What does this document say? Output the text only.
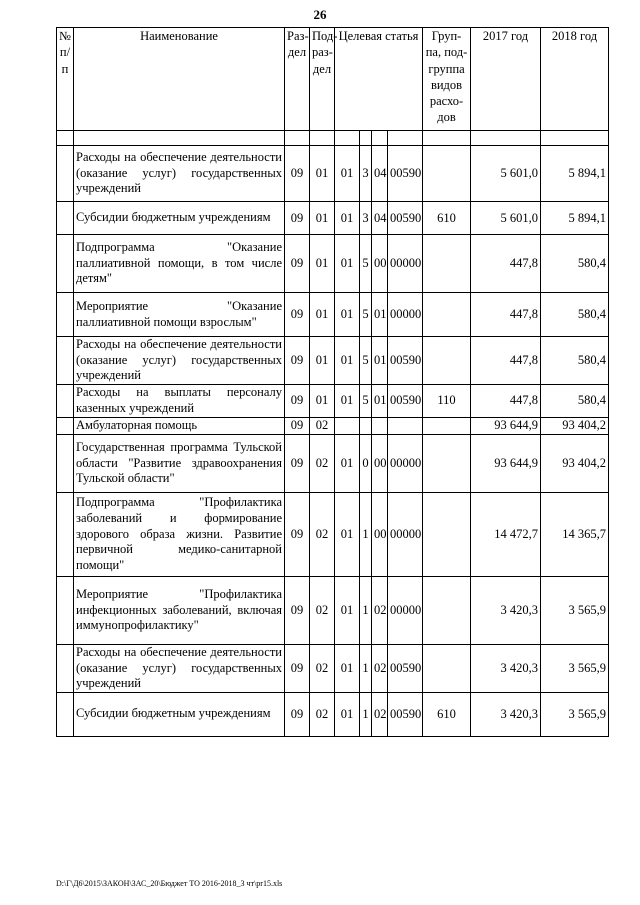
26
№ п/п	Наименование	Раз-дел	Под-раз-дел	Целевая статья				Груп-па, под-группа видов расхо-дов	2017 год	2018 год

	Расходы на обеспечение деятельности (оказание услуг) государственных учреждений	09	01	01	3	04	00590		5 601,0	5 894,1
	Субсидии бюджетным учреждениям	09	01	01	3	04	00590	610	5 601,0	5 894,1
	Подпрограмма "Оказание паллиативной помощи, в том числе детям"	09	01	01	5	00	00000		447,8	580,4
	Мероприятие "Оказание паллиативной помощи взрослым"	09	01	01	5	01	00000		447,8	580,4
	Расходы на обеспечение деятельности (оказание услуг) государственных учреждений	09	01	01	5	01	00590		447,8	580,4
	Расходы на выплаты персоналу казенных учреждений	09	01	01	5	01	00590	110	447,8	580,4
	Амбулаторная помощь	09	02						93 644,9	93 404,2
	Государственная программа Тульской области "Развитие здравоохранения Тульской области"	09	02	01	0	00	00000		93 644,9	93 404,2
	Подпрограмма "Профилактика заболеваний и формирование здорового образа жизни. Развитие первичной медико-санитарной помощи"	09	02	01	1	00	00000		14 472,7	14 365,7
	Мероприятие "Профилактика инфекционных заболеваний, включая иммунопрофилактику"	09	02	01	1	02	00000		3 420,3	3 565,9
	Расходы на обеспечение деятельности (оказание услуг) государственных учреждений	09	02	01	1	02	00590		3 420,3	3 565,9
	Субсидии бюджетным учреждениям	09	02	01	1	02	00590	610	3 420,3	3 565,9
D:\Г\Д6\2015\ЗАКОН\ЗАС_20\Бюджет ТО 2016-2018_3 чт\pr15.xls
